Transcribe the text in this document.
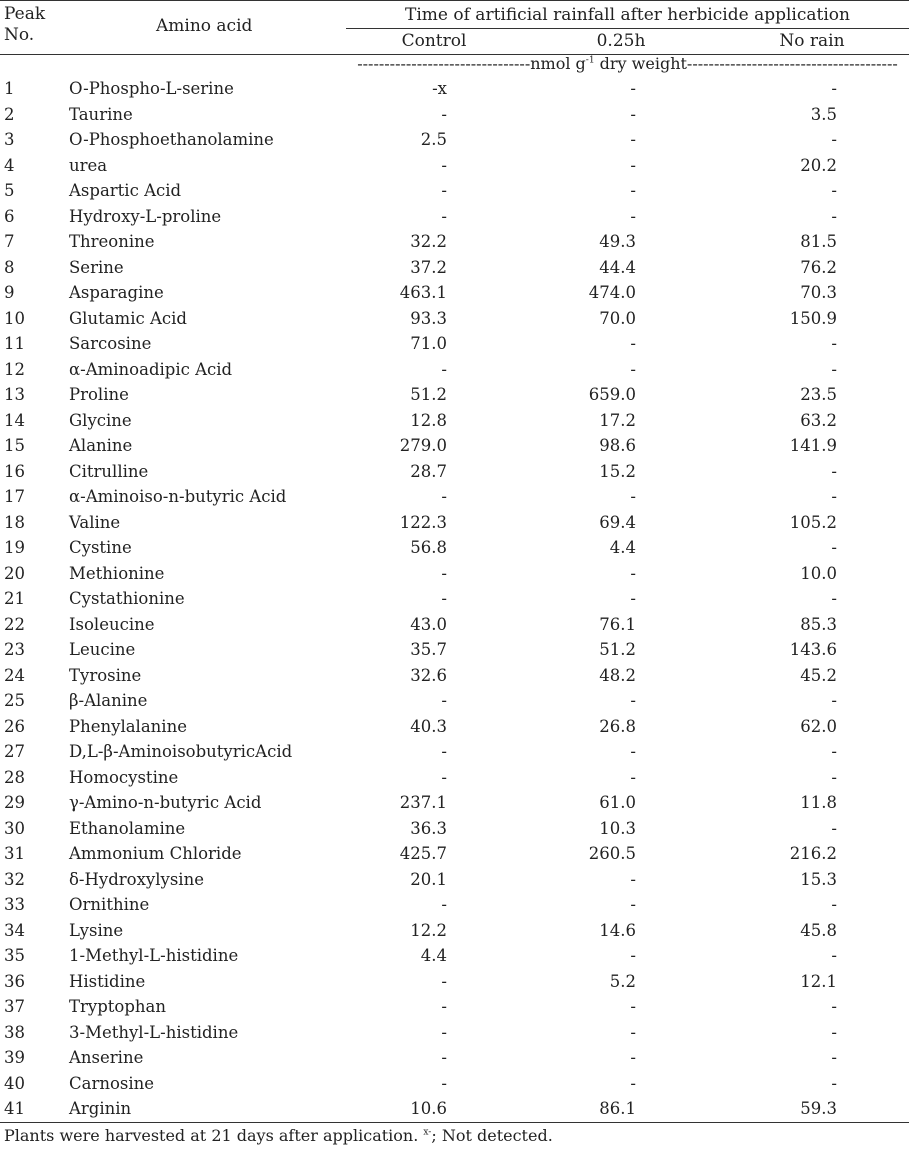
Peak
No.	Amino acid
Time of artificial rainfall after herbicide application
Control	0.25h	No rain
--------------------------------nmol $g^{-1}$ dry weight---------------------------------------
1	O-Phospho-L-serine	-x	-	-
2	Taurine	-	-	3.5
3	O-Phosphoethanolamine	2.5	-	-
4	urea	-	-	20.2
5	Aspartic Acid	-	-	-
6	Hydroxy-L-proline	-	-	-
7	Threonine	32.2	49.3	81.5
8	Serine	37.2	44.4	76.2
9	Asparagine	463.1	474.0	70.3
10	Glutamic Acid	93.3	70.0	150.9
11	Sarcosine	71.0	-	-
12	α-Aminoadipic Acid	-	-	-
13	Proline	51.2	659.0	23.5
14	Glycine	12.8	17.2	63.2
15	Alanine	279.0	98.6	141.9
16	Citrulline	28.7	15.2	-
17	α-Aminoiso-n-butyric Acid	-	-	-
18	Valine	122.3	69.4	105.2
19	Cystine	56.8	4.4	-
20	Methionine	-	-	10.0
21	Cystathionine	-	-	-
22	Isoleucine	43.0	76.1	85.3
23	Leucine	35.7	51.2	143.6
24	Tyrosine	32.6	48.2	45.2
25	β-Alanine	-	-	-
26	Phenylalanine	40.3	26.8	62.0
27	D,L-β-AminoisobutyricAcid	-	-	-
28	Homocystine	-	-	-
29	γ-Amino-n-butyric Acid	237.1	61.0	11.8
30	Ethanolamine	36.3	10.3	-
31	Ammonium Chloride	425.7	260.5	216.2
32	δ-Hydroxylysine	20.1	-	15.3
33	Ornithine	-	-	-
34	Lysine	12.2	14.6	45.8
35	1-Methyl-L-histidine	4.4	-	-
36	Histidine	-	5.2	12.1
37	Tryptophan	-	-	-
38	3-Methyl-L-histidine	-	-	-
39	Anserine	-	-	-
40	Carnosine	-	-	-
41	Arginin	10.6	86.1	59.3
Plants were harvested at 21 days after application. $^{x-}$; Not detected.
